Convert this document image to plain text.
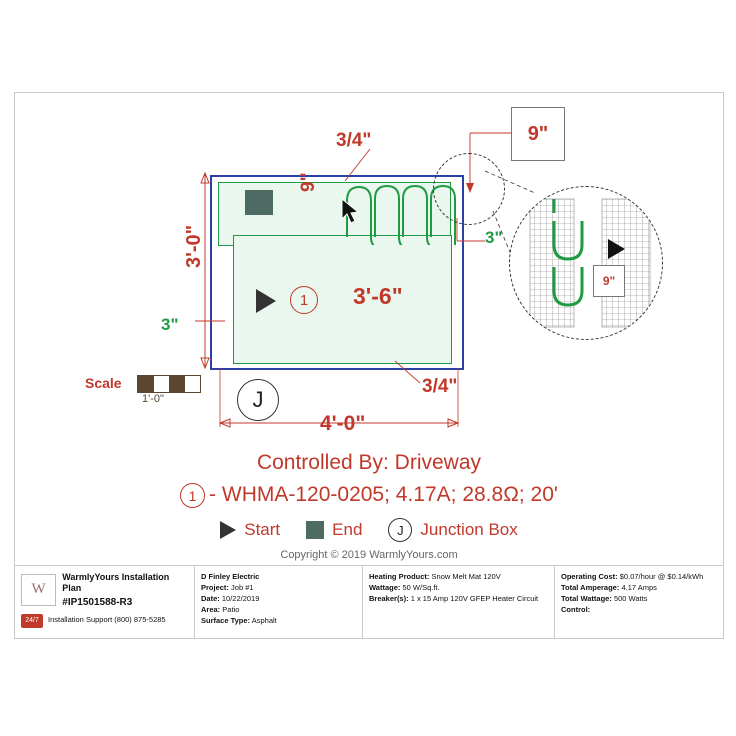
1
J
3/4"
9"
3"
3'-6"
3'-0"
3"
3/4"
4'-0"
9"
9"
Scale
1'-0"
Controlled By: Driveway
1 - WHMA-120-0205; 4.17A; 28.8Ω; 20'
Start	End	J Junction Box
Copyright © 2019 WarmlyYours.com
W
WarmlyYours Installation Plan
#IP1501588-R3
24/7	Installation Support (800) 875-5285
D Finley Electric
Project: Job #1
Date: 10/22/2019
Area: Patio
Surface Type: Asphalt
Heating Product: Snow Melt Mat 120V
Wattage: 50 W/Sq.ft.
Breaker(s): 1 x 15 Amp 120V GFEP Heater Circuit
Operating Cost: $0.07/hour @ $0.14/kWh
Total Amperage: 4.17 Amps
Total Wattage: 500 Watts
Control:
